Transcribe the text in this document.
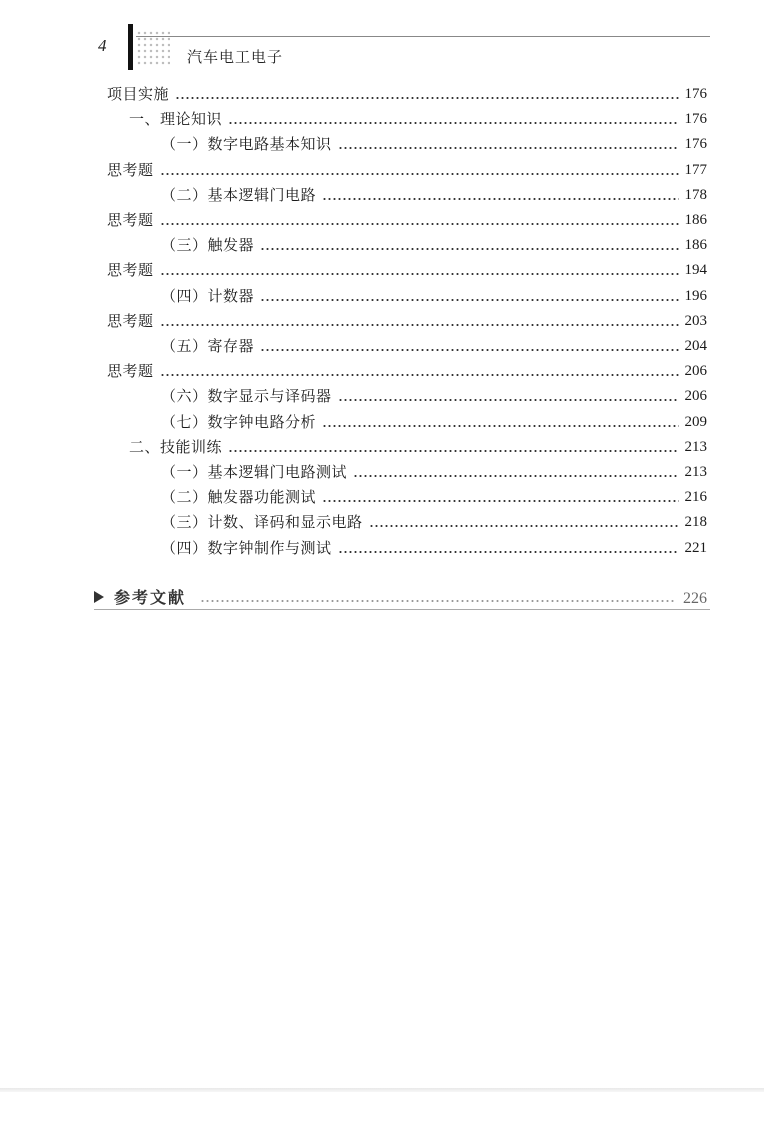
4
汽车电工电子
项目实施	176
一、理论知识	176
（一）数字电路基本知识	176
思考题	177
（二）基本逻辑门电路	178
思考题	186
（三）触发器	186
思考题	194
（四）计数器	196
思考题	203
（五）寄存器	204
思考题	206
（六）数字显示与译码器	206
（七）数字钟电路分析	209
二、技能训练	213
（一）基本逻辑门电路测试	213
（二）触发器功能测试	216
（三）计数、译码和显示电路	218
（四）数字钟制作与测试	221
参考文献	226
